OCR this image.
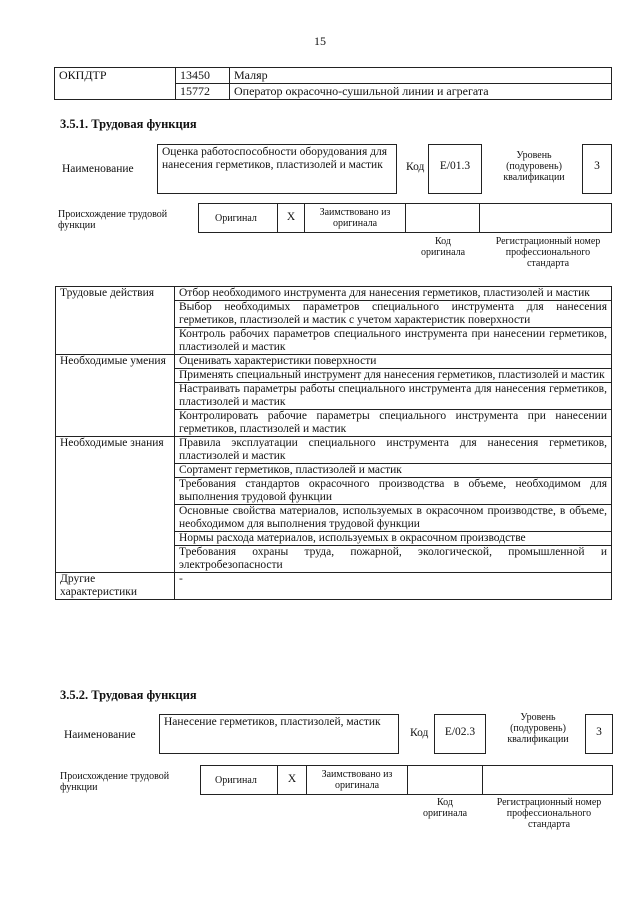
15
ОКПДТР	13450	Маляр
	15772	Оператор окрасочно-сушильной линии и агрегата
3.5.1. Трудовая функция
Наименование
Оценка работоспособности оборудования для нанесения герметиков, пластизолей и мастик	Код	E/01.3
Уровень (подуровень) квалификации
3
Происхождение трудовой функции
Оригинал	X	Заимствовано из оригинала
Код оригинала
Регистрационный номер профессионального стандарта
Трудовые действия	Отбор необходимого инструмента для нанесения герметиков, пластизолей и мастик
	Выбор необходимых параметров специального инструмента для нанесения герметиков, пластизолей и мастик с учетом характеристик поверхности
	Контроль рабочих параметров специального инструмента при нанесении герметиков, пластизолей и мастик
Необходимые умения	Оценивать характеристики поверхности
	Применять специальный инструмент для нанесения герметиков, пластизолей и мастик
	Настраивать параметры работы специального инструмента для нанесения герметиков, пластизолей и мастик
	Контролировать рабочие параметры специального инструмента при нанесении герметиков, пластизолей и мастик
Необходимые знания	Правила эксплуатации специального инструмента для нанесения герметиков, пластизолей и мастик
	Сортамент герметиков, пластизолей и мастик
	Требования стандартов окрасочного производства в объеме, необходимом для выполнения трудовой функции
	Основные свойства материалов, используемых в окрасочном производстве, в объеме, необходимом для выполнения трудовой функции
	Нормы расхода материалов, используемых в окрасочном производстве
	Требования охраны труда, пожарной, экологической, промышленной и электробезопасности
Другие характеристики	-
3.5.2. Трудовая функция
Наименование
Нанесение герметиков, пластизолей, мастик
Код	E/02.3
Уровень (подуровень) квалификации
3
Происхождение трудовой функции
Оригинал	X	Заимствовано из оригинала
Код оригинала
Регистрационный номер профессионального стандарта
